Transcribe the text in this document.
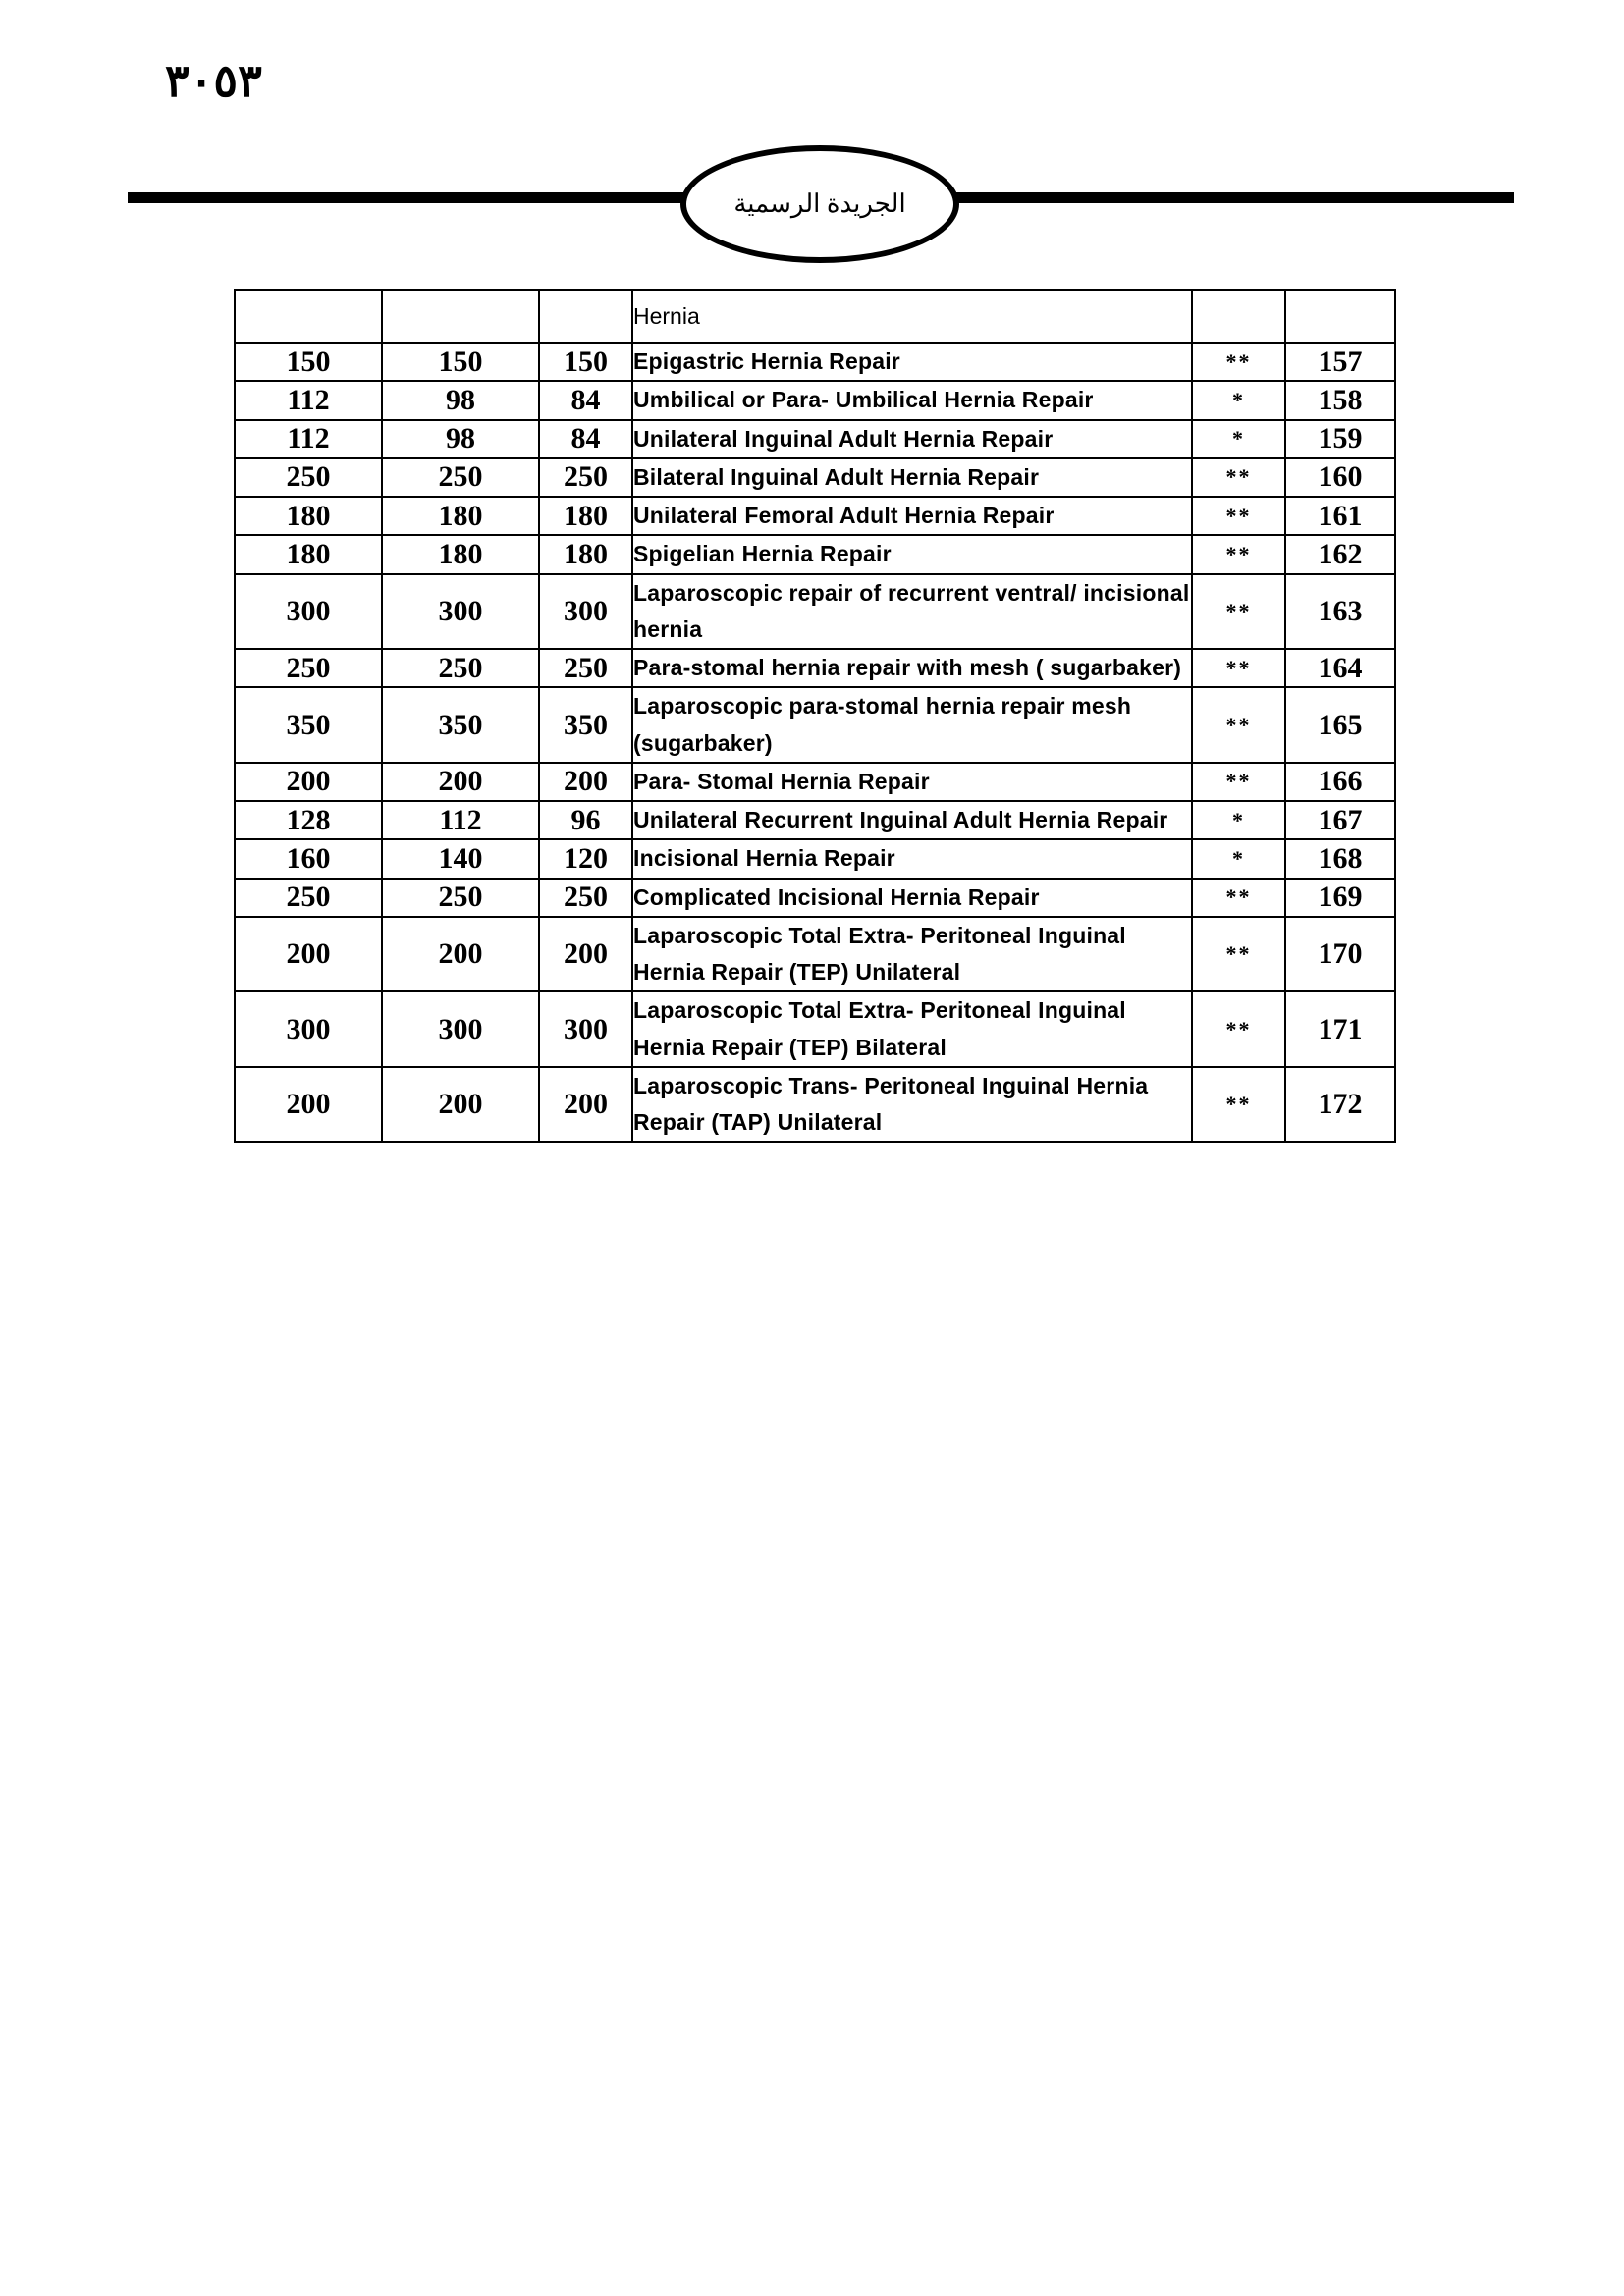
٣٠٥٣
الجريدة الرسمية
			Hernia		
150	150	150	Epigastric Hernia Repair	**	157
112	98	84	Umbilical or Para- Umbilical Hernia Repair	*	158
112	98	84	Unilateral Inguinal Adult Hernia Repair	*	159
250	250	250	Bilateral Inguinal Adult Hernia Repair	**	160
180	180	180	Unilateral Femoral Adult Hernia Repair	**	161
180	180	180	Spigelian Hernia Repair	**	162
300	300	300	Laparoscopic repair of recurrent ventral/ incisional hernia	**	163
250	250	250	Para-stomal hernia repair with mesh ( sugarbaker)	**	164
350	350	350	Laparoscopic para-stomal hernia repair mesh (sugarbaker)	**	165
200	200	200	Para- Stomal Hernia Repair	**	166
128	112	96	Unilateral Recurrent Inguinal Adult Hernia Repair	*	167
160	140	120	Incisional Hernia Repair	*	168
250	250	250	Complicated Incisional Hernia Repair	**	169
200	200	200	Laparoscopic Total Extra- Peritoneal Inguinal Hernia Repair (TEP) Unilateral	**	170
300	300	300	Laparoscopic Total Extra- Peritoneal Inguinal Hernia Repair (TEP) Bilateral	**	171
200	200	200	Laparoscopic Trans- Peritoneal Inguinal Hernia Repair (TAP) Unilateral	**	172
